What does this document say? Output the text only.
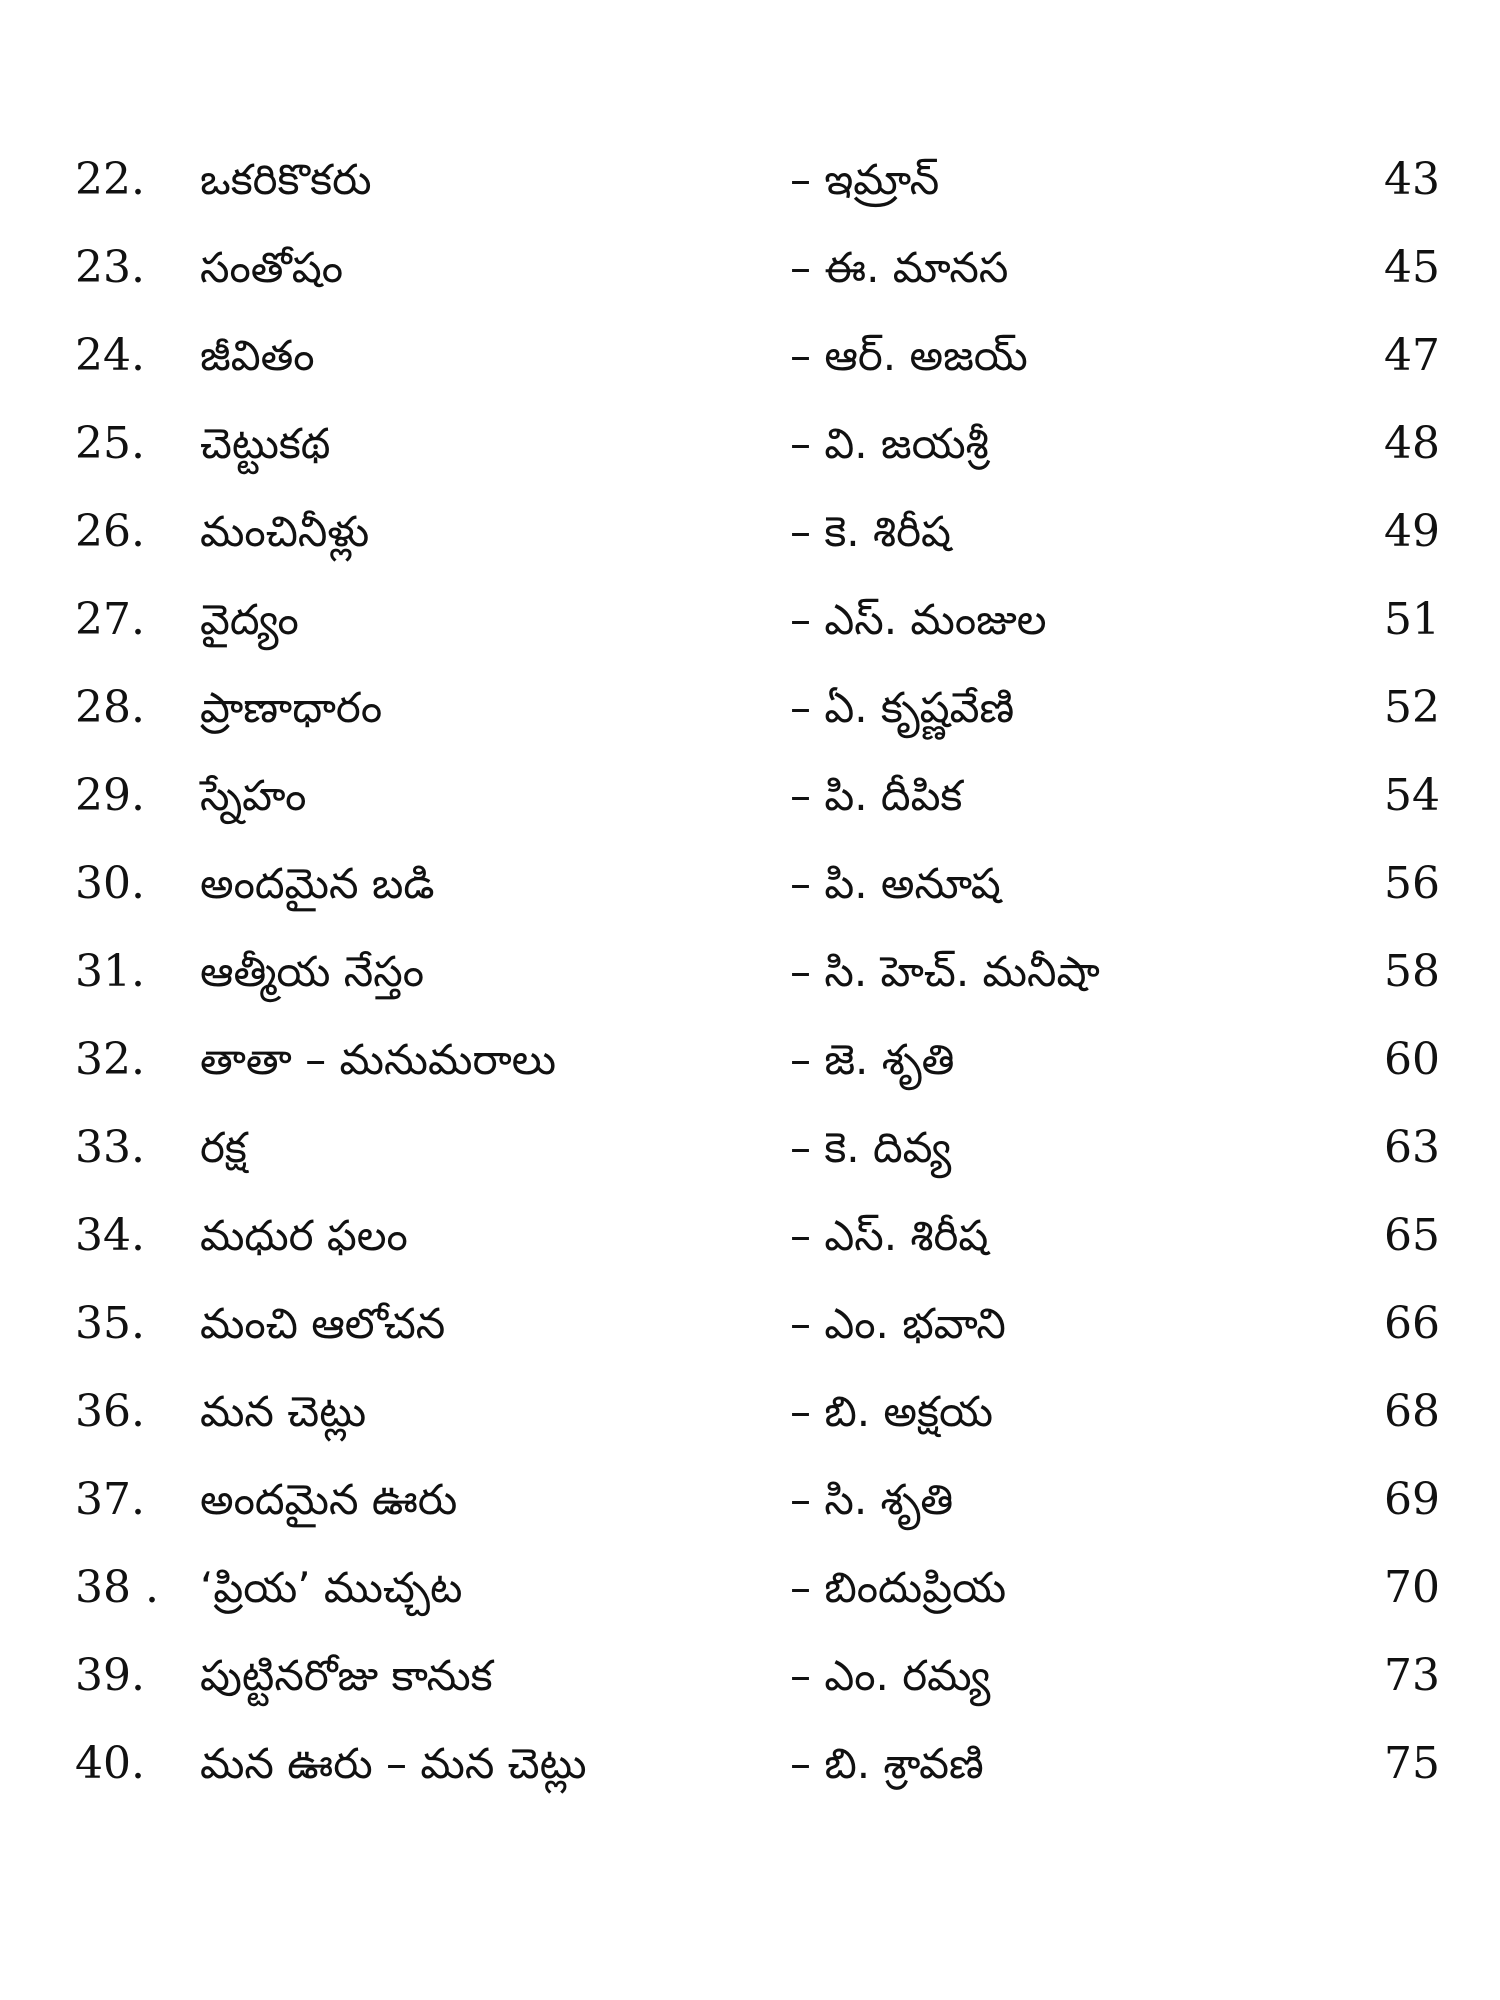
22.	ఒకరికొకరు	– ఇమ్రాన్	43
23.	సంతోషం	– ఈ. మానస	45
24.	జీవితం	– ఆర్. అజయ్	47
25.	చెట్టుకథ	– వి. జయశ్రీ	48
26.	మంచినీళ్లు	– కె. శిరీష	49
27.	వైద్యం	– ఎస్. మంజుల	51
28.	ప్రాణాధారం	– ఏ. కృష్ణవేణి	52
29.	స్నేహం	– పి. దీపిక	54
30.	అందమైన బడి	– పి. అనూష	56
31.	ఆత్మీయ నేస్తం	– సి. హెచ్. మనీషా	58
32.	తాతా – మనుమరాలు	– జె. శృతి	60
33.	రక్ష	– కె. దివ్య	63
34.	మధుర ఫలం	– ఎస్. శిరీష	65
35.	మంచి ఆలోచన	– ఎం. భవాని	66
36.	మన చెట్లు	– బి. అక్షయ	68
37.	అందమైన ఊరు	– సి. శృతి	69
38 . ‘ప్రియ’ ముచ్చట	– బిందుప్రియ	70
39.	పుట్టినరోజు కానుక	– ఎం. రమ్య	73
40.	మన ఊరు – మన చెట్లు	– బి. శ్రావణి	75
